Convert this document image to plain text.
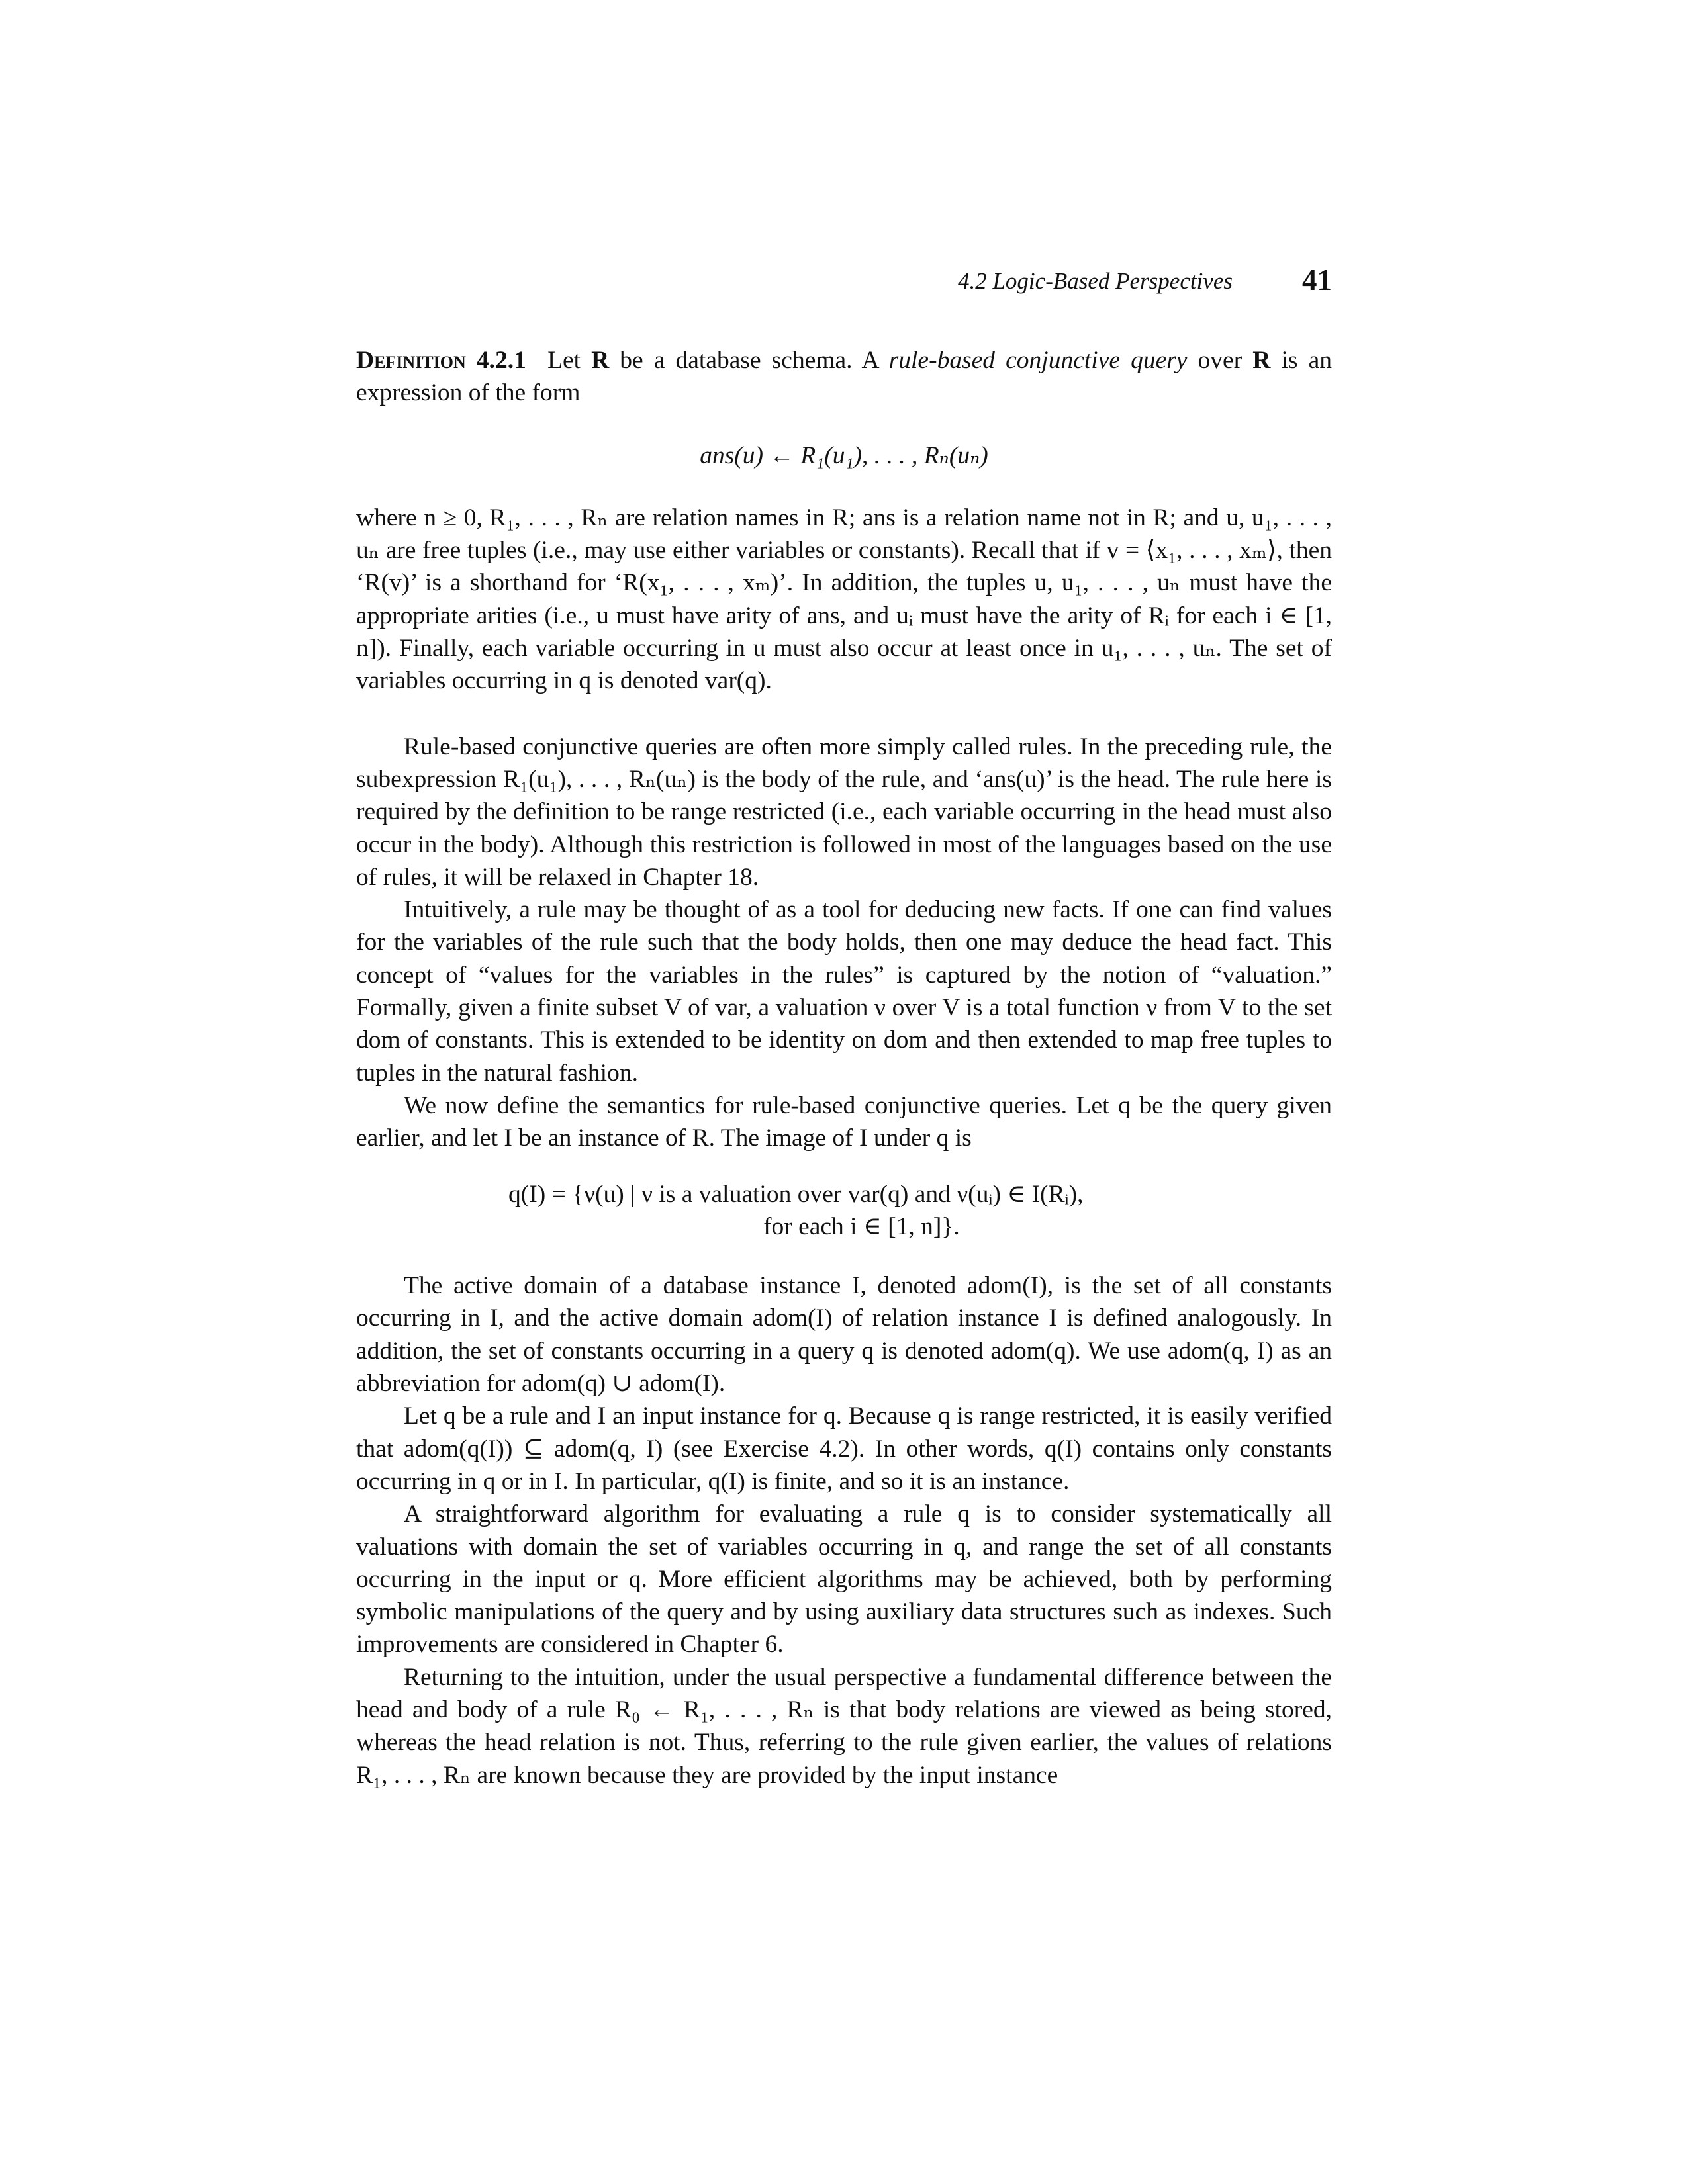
4.2 Logic-Based Perspectives 41

Definition 4.2.1 Let R be a database schema. A rule-based conjunctive query over R is an expression of the form

ans(u) ← R₁(u₁), . . . , Rₙ(uₙ)

where n ≥ 0, R₁, . . . , Rₙ are relation names in R; ans is a relation name not in R; and u, u₁, . . . , uₙ are free tuples (i.e., may use either variables or constants). Recall that if v = ⟨x₁, . . . , xₘ⟩, then ‘R(v)’ is a shorthand for ‘R(x₁, . . . , xₘ)’. In addition, the tuples u, u₁, . . . , uₙ must have the appropriate arities (i.e., u must have arity of ans, and uᵢ must have the arity of Rᵢ for each i ∈ [1, n]). Finally, each variable occurring in u must also occur at least once in u₁, . . . , uₙ. The set of variables occurring in q is denoted var(q).

Rule-based conjunctive queries are often more simply called rules. In the preceding rule, the subexpression R₁(u₁), . . . , Rₙ(uₙ) is the body of the rule, and ‘ans(u)’ is the head. The rule here is required by the definition to be range restricted (i.e., each variable occurring in the head must also occur in the body). Although this restriction is followed in most of the languages based on the use of rules, it will be relaxed in Chapter 18.

Intuitively, a rule may be thought of as a tool for deducing new facts. If one can find values for the variables of the rule such that the body holds, then one may deduce the head fact. This concept of “values for the variables in the rules” is captured by the notion of “valuation.” Formally, given a finite subset V of var, a valuation ν over V is a total function ν from V to the set dom of constants. This is extended to be identity on dom and then extended to map free tuples to tuples in the natural fashion.

We now define the semantics for rule-based conjunctive queries. Let q be the query given earlier, and let I be an instance of R. The image of I under q is

q(I) = {ν(u) | ν is a valuation over var(q) and ν(uᵢ) ∈ I(Rᵢ),
for each i ∈ [1, n]}.

The active domain of a database instance I, denoted adom(I), is the set of all constants occurring in I, and the active domain adom(I) of relation instance I is defined analogously. In addition, the set of constants occurring in a query q is denoted adom(q). We use adom(q, I) as an abbreviation for adom(q) ∪ adom(I).

Let q be a rule and I an input instance for q. Because q is range restricted, it is easily verified that adom(q(I)) ⊆ adom(q, I) (see Exercise 4.2). In other words, q(I) contains only constants occurring in q or in I. In particular, q(I) is finite, and so it is an instance.

A straightforward algorithm for evaluating a rule q is to consider systematically all valuations with domain the set of variables occurring in q, and range the set of all constants occurring in the input or q. More efficient algorithms may be achieved, both by performing symbolic manipulations of the query and by using auxiliary data structures such as indexes. Such improvements are considered in Chapter 6.

Returning to the intuition, under the usual perspective a fundamental difference between the head and body of a rule R₀ ← R₁, . . . , Rₙ is that body relations are viewed as being stored, whereas the head relation is not. Thus, referring to the rule given earlier, the values of relations R₁, . . . , Rₙ are known because they are provided by the input instance
